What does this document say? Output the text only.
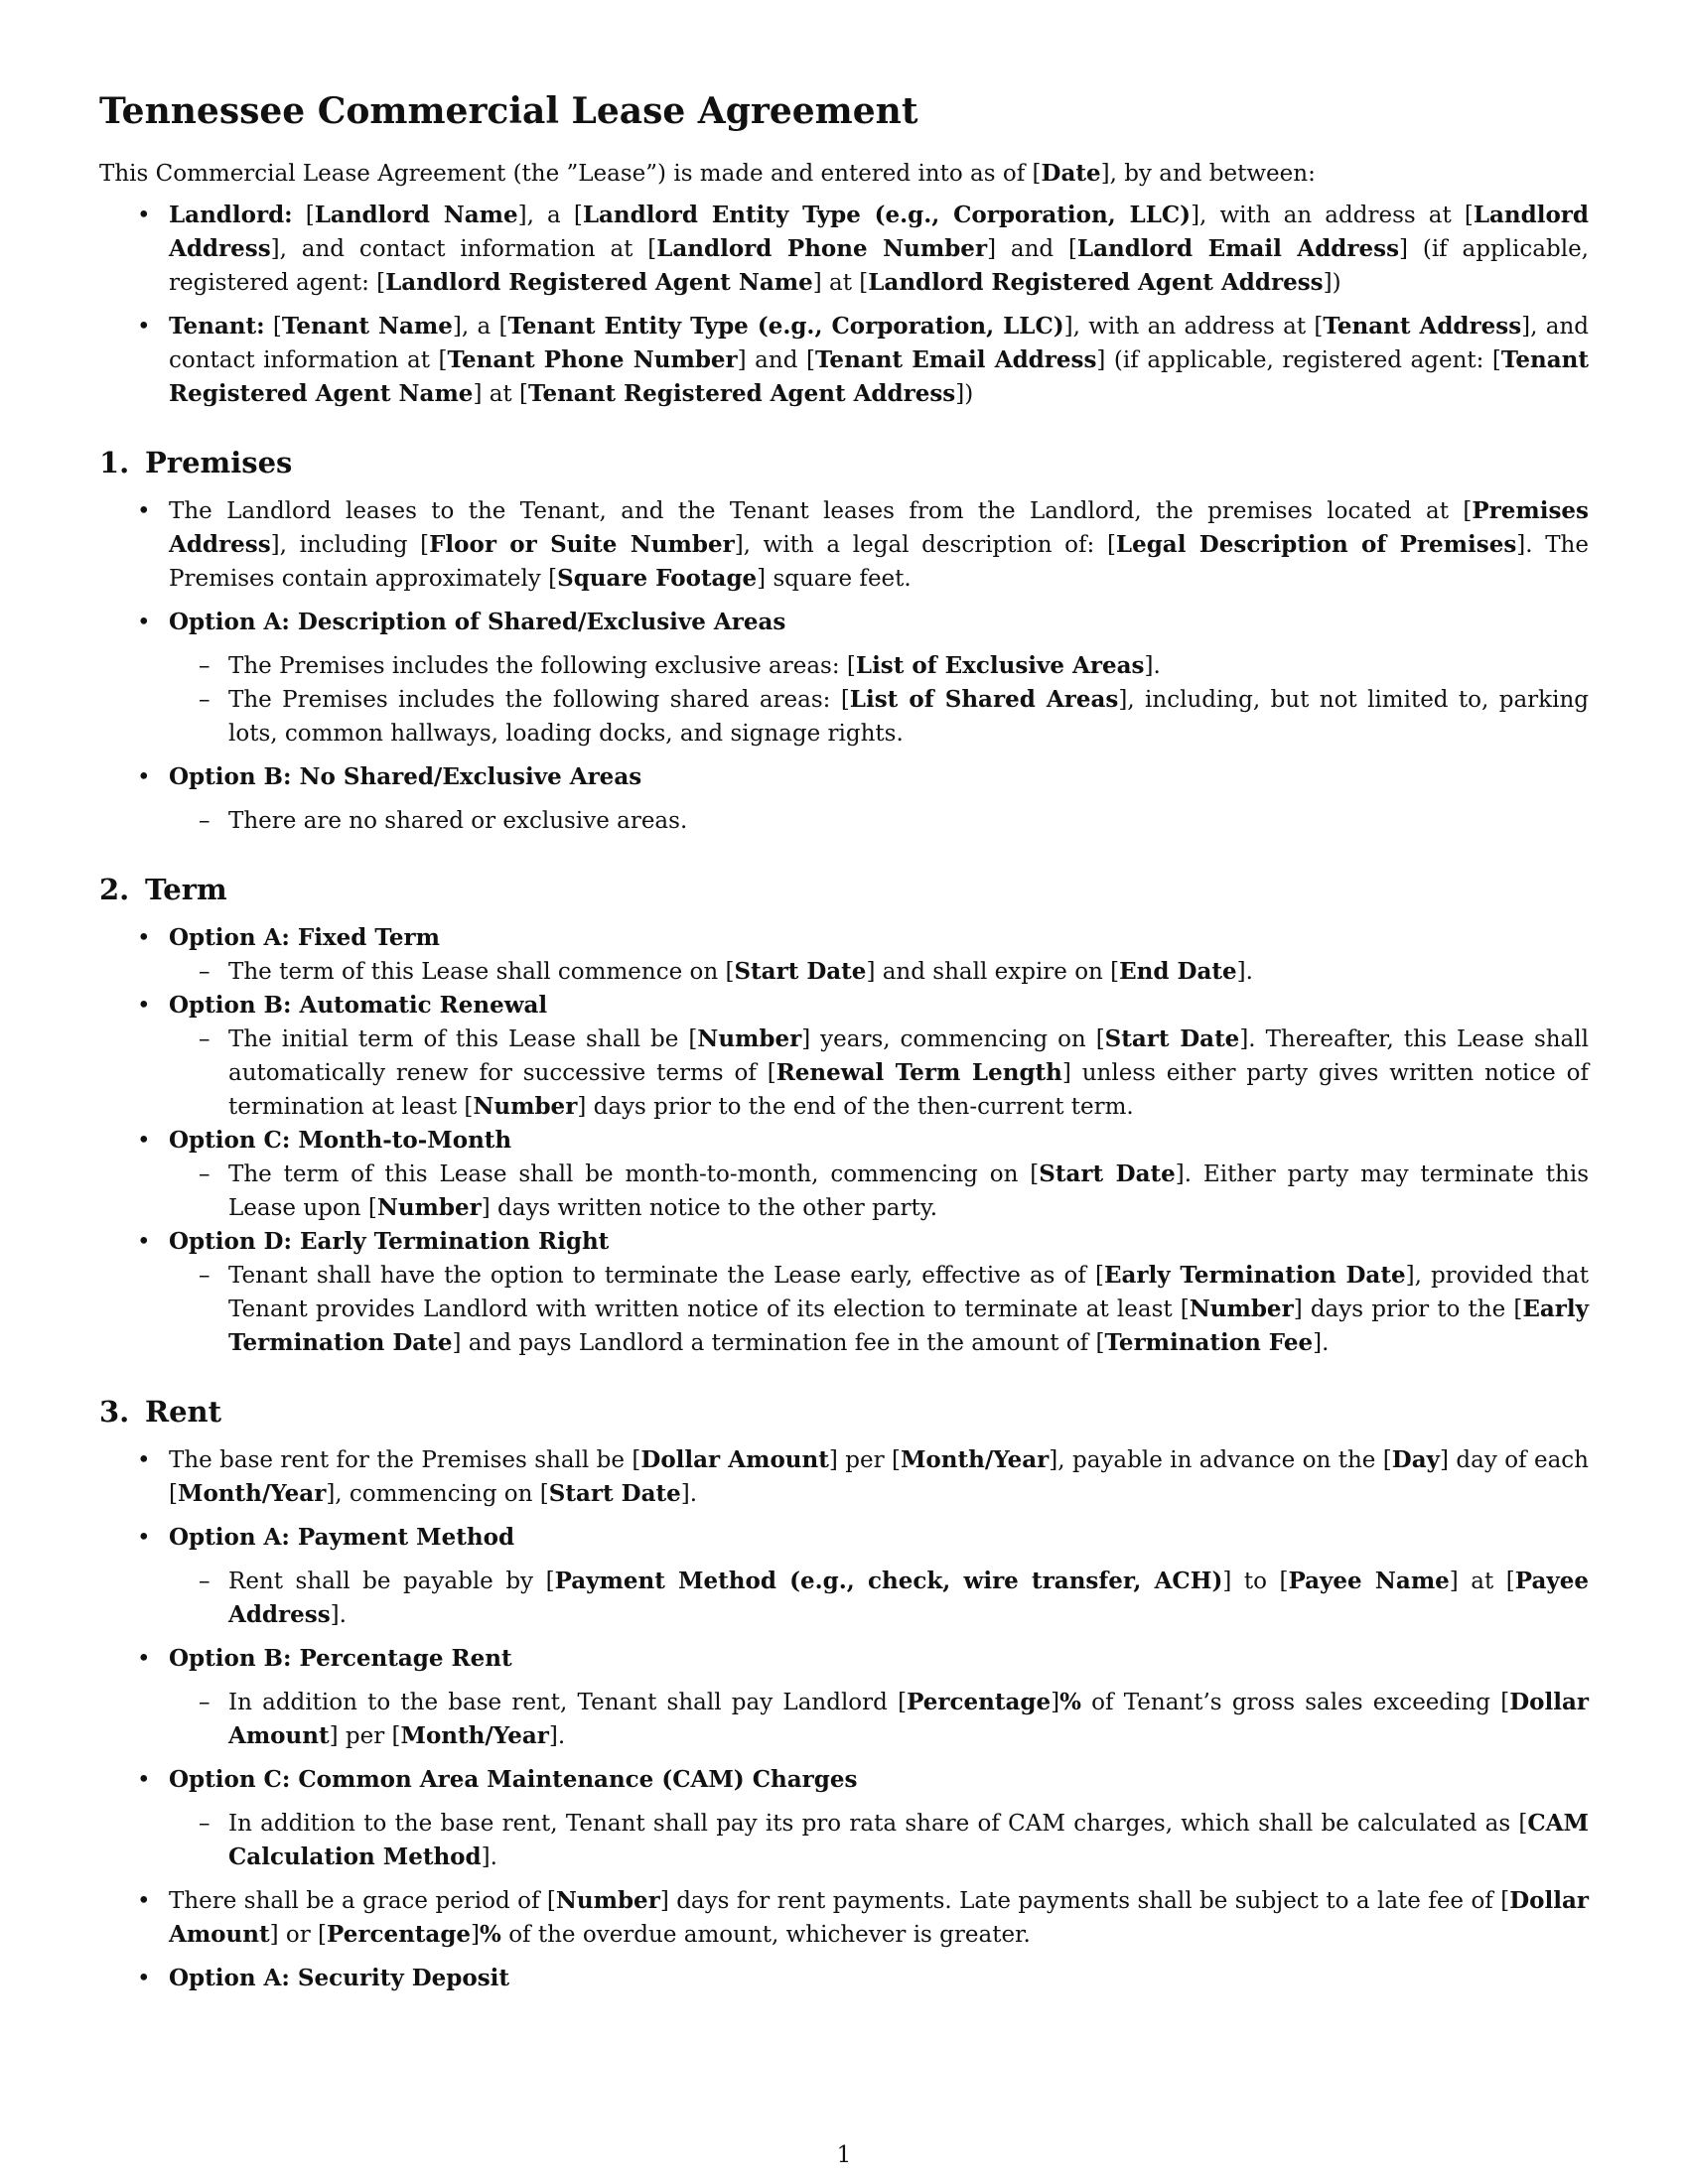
Tennessee Commercial Lease Agreement

This Commercial Lease Agreement (the ”Lease”) is made and entered into as of [Date], by and between:

• Landlord: [Landlord Name], a [Landlord Entity Type (e.g., Corporation, LLC)], with an address at [Landlord Address], and contact information at [Landlord Phone Number] and [Landlord Email Address] (if applicable, registered agent: [Landlord Registered Agent Name] at [Landlord Registered Agent Address])
• Tenant: [Tenant Name], a [Tenant Entity Type (e.g., Corporation, LLC)], with an address at [Tenant Address], and contact information at [Tenant Phone Number] and [Tenant Email Address] (if applicable, registered agent: [Tenant Registered Agent Name] at [Tenant Registered Agent Address])
1. Premises
• The Landlord leases to the Tenant, and the Tenant leases from the Landlord, the premises located at [Premises Address], including [Floor or Suite Number], with a legal description of: [Legal Description of Premises]. The Premises contain approximately [Square Footage] square feet.
• Option A: Description of Shared/Exclusive Areas
– The Premises includes the following exclusive areas: [List of Exclusive Areas].
– The Premises includes the following shared areas: [List of Shared Areas], including, but not limited to, parking lots, common hallways, loading docks, and signage rights.
• Option B: No Shared/Exclusive Areas
– There are no shared or exclusive areas.
2. Term
• Option A: Fixed Term
– The term of this Lease shall commence on [Start Date] and shall expire on [End Date].
• Option B: Automatic Renewal
– The initial term of this Lease shall be [Number] years, commencing on [Start Date]. Thereafter, this Lease shall automatically renew for successive terms of [Renewal Term Length] unless either party gives written notice of termination at least [Number] days prior to the end of the then-current term.
• Option C: Month-to-Month
– The term of this Lease shall be month-to-month, commencing on [Start Date]. Either party may terminate this Lease upon [Number] days written notice to the other party.
• Option D: Early Termination Right
– Tenant shall have the option to terminate the Lease early, effective as of [Early Termination Date], provided that Tenant provides Landlord with written notice of its election to terminate at least [Number] days prior to the [Early Termination Date] and pays Landlord a termination fee in the amount of [Termination Fee].
3. Rent
• The base rent for the Premises shall be [Dollar Amount] per [Month/Year], payable in advance on the [Day] day of each [Month/Year], commencing on [Start Date].
• Option A: Payment Method
– Rent shall be payable by [Payment Method (e.g., check, wire transfer, ACH)] to [Payee Name] at [Payee Address].
• Option B: Percentage Rent
– In addition to the base rent, Tenant shall pay Landlord [Percentage]% of Tenant’s gross sales exceeding [Dollar Amount] per [Month/Year].
• Option C: Common Area Maintenance (CAM) Charges
– In addition to the base rent, Tenant shall pay its pro rata share of CAM charges, which shall be calculated as [CAM Calculation Method].
• There shall be a grace period of [Number] days for rent payments. Late payments shall be subject to a late fee of [Dollar Amount] or [Percentage]% of the overdue amount, whichever is greater.
• Option A: Security Deposit
1
